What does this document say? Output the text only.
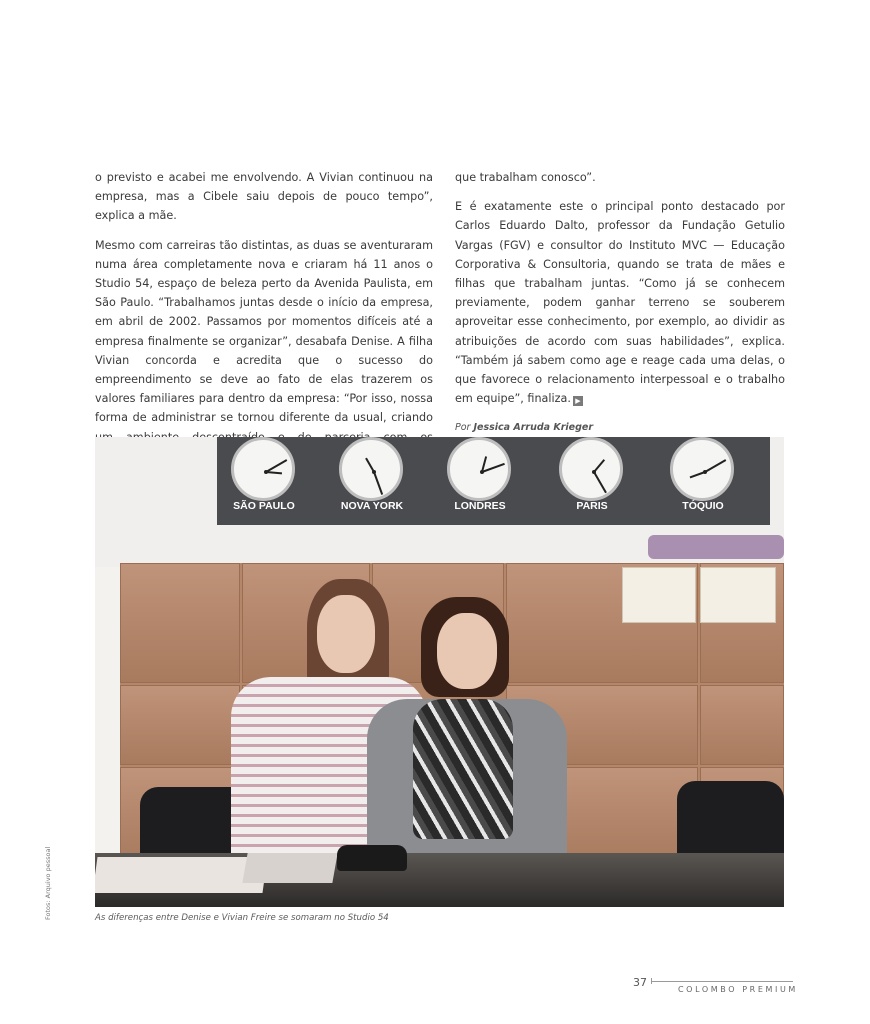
o previsto e acabei me envolvendo. A Vivian continuou na empresa, mas a Cibele saiu depois de pouco tempo”, explica a mãe.

Mesmo com carreiras tão distintas, as duas se aventuraram numa área completamente nova e criaram há 11 anos o Studio 54, espaço de beleza perto da Avenida Paulista, em São Paulo. “Trabalhamos juntas desde o início da empresa, em abril de 2002. Passamos por momentos difíceis até a empresa finalmente se organizar”, desabafa Denise. A filha Vivian concorda e acredita que o sucesso do empreendimento se deve ao fato de elas trazerem os valores familiares para dentro da empresa: “Por isso, nossa forma de administrar se tornou diferente da usual, criando

que trabalham conosco”.

E é exatamente este o principal ponto destacado por Carlos Eduardo Dalto, professor da Fundação Getulio Vargas (FGV) e consultor do Instituto MVC — Educação Corporativa & Consultoria, quando se trata de mães e filhas que trabalham juntas. “Como já se conhecem previamente, podem ganhar terreno se souberem aproveitar esse conhecimento, por exemplo, ao dividir as atribuições de acordo com suas habilidades”, explica. “Também já sabem como age e reage cada uma delas, o que favorece o relacionamento interpessoal e o trabalho em equipe”, finaliza. ▶

Por Jessica Arruda Krieger

SÃO PAULO	NOVA YORK	LONDRES	PARIS	TÓQUIO
As diferenças entre Denise e Vivian Freire se somaram no Studio 54
Fotos: Arquivo pessoal
37
COLOMBO PREMIUM
